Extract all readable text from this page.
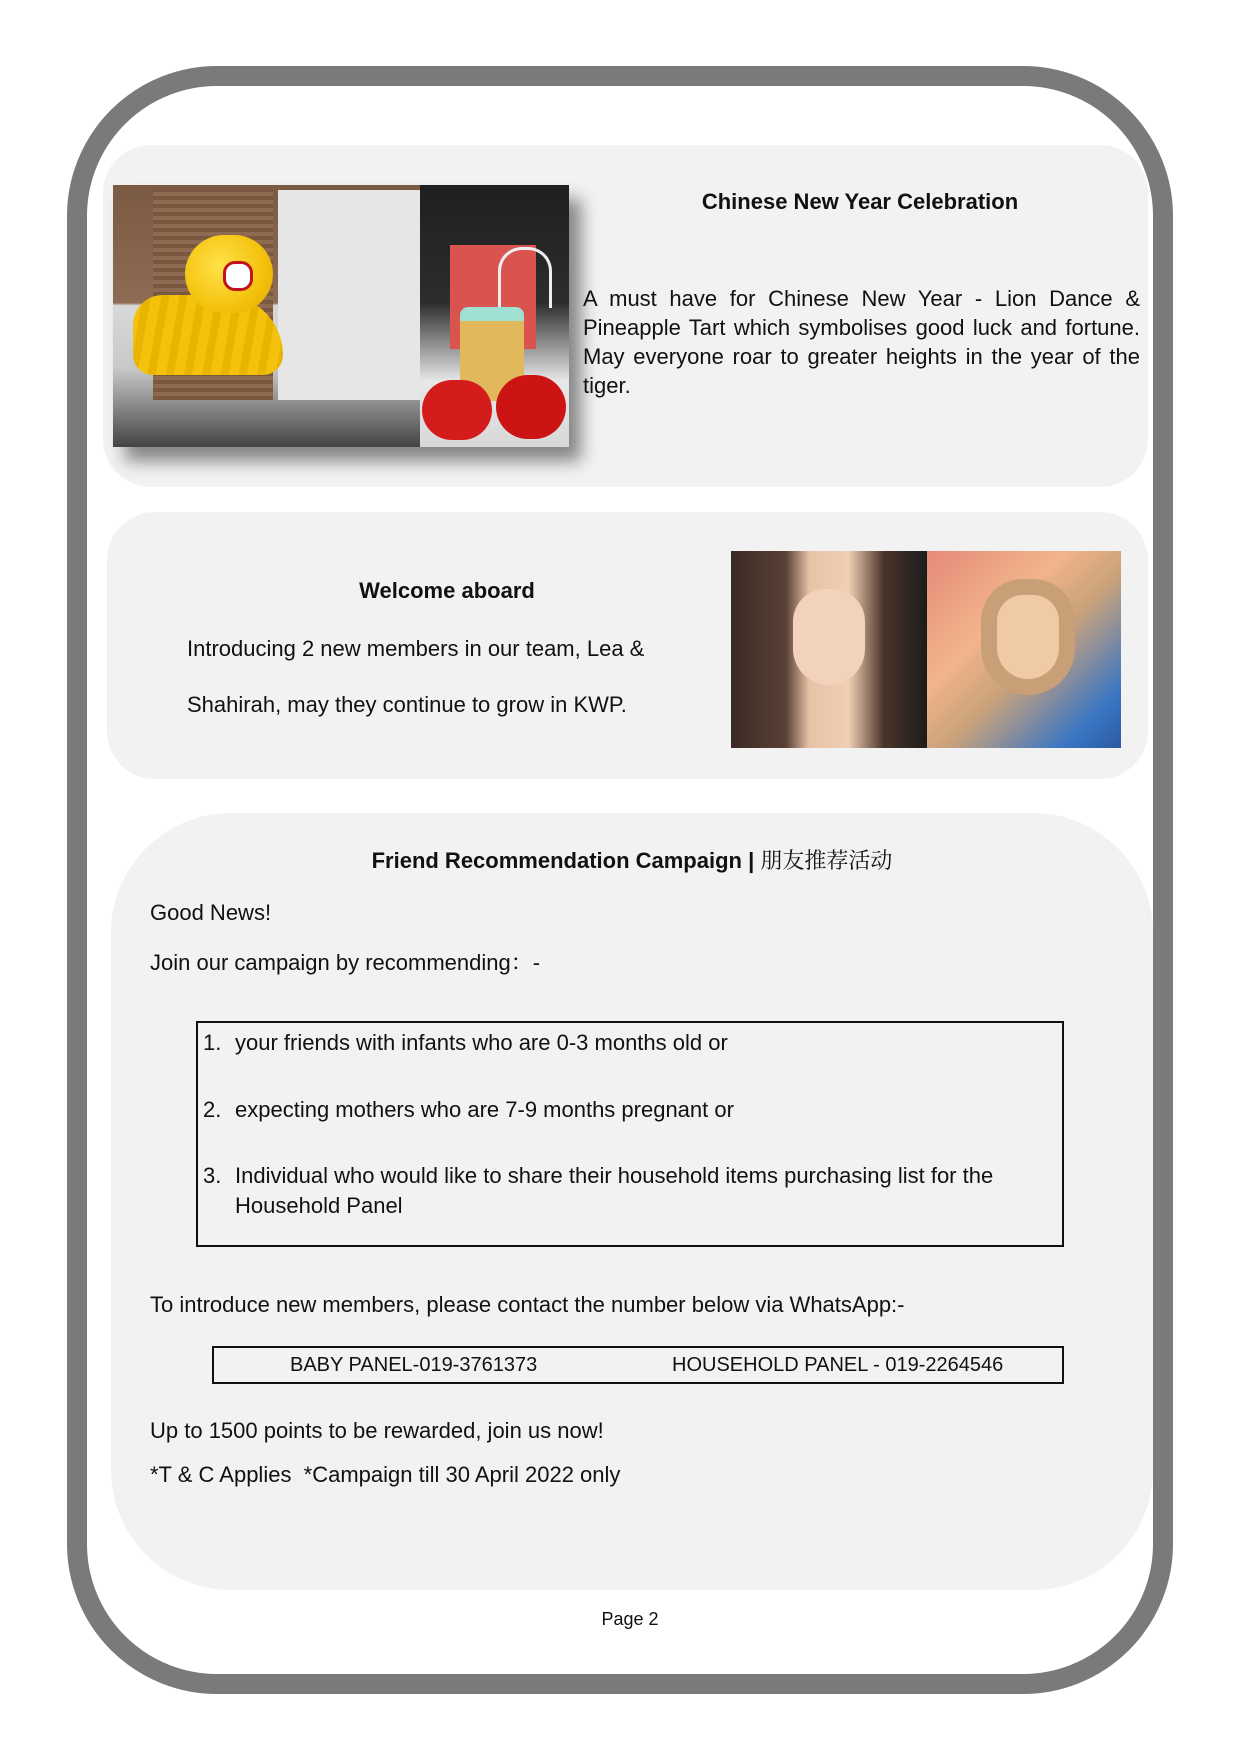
Chinese New Year Celebration
A must have for Chinese New Year - Lion Dance & Pineapple Tart which symbolises good luck and fortune. May everyone roar to greater heights in the year of the tiger.
Welcome aboard
Introducing 2 new members in our team, Lea &
Shahirah, may they continue to grow in KWP.
Friend Recommendation Campaign | 朋友推荐活动
Good News!
Join our campaign by recommending：-
1. your friends with infants who are 0-3 months old or
2. expecting mothers who are 7-9 months pregnant or
3. Individual who would like to share their household items purchasing list for the Household Panel
To introduce new members, please contact the number below via WhatsApp:-
BABY PANEL-019-3761373	HOUSEHOLD PANEL - 019-2264546
Up to 1500 points to be rewarded, join us now!
*T & C Applies  *Campaign till 30 April 2022 only
Page 2
